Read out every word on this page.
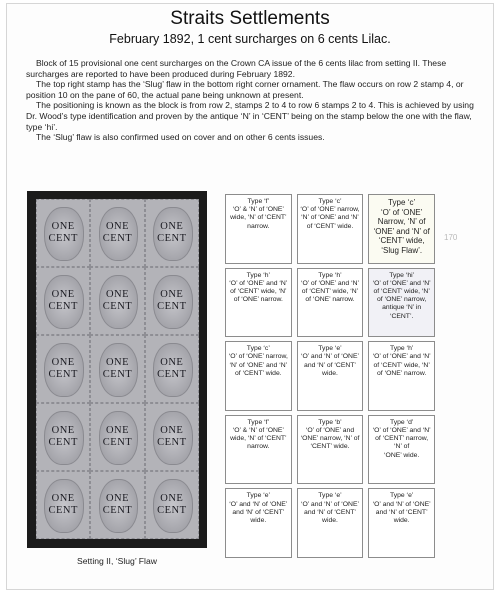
Straits Settlements
February 1892, 1 cent surcharges on 6 cents Lilac.

Block of 15 provisional one cent surcharges on the Crown CA issue of the 6 cents lilac from setting II. These surcharges are reported to have been produced during February 1892.

The top right stamp has the ‘Slug’ flaw in the bottom right corner ornament. The flaw occurs on row 2 stamp 4, or position 10 on the pane of 60, the actual pane being unknown at present.

The positioning is known as the block is from row 2, stamps 2 to 4 to row 6 stamps 2 to 4. This is achieved by using Dr. Wood’s type identification and proven by the antique ‘N’ in ‘CENT’ being on the stamp below the one with the flaw, type ‘hi’.

The ‘Slug’ flaw is also confirmed used on cover and on other 6 cents issues.

ONE
CENT
ONE
CENT
ONE
CENT
ONE
CENT
ONE
CENT
ONE
CENT
ONE
CENT
ONE
CENT
ONE
CENT
ONE
CENT
ONE
CENT
ONE
CENT
ONE
CENT
ONE
CENT
ONE
CENT
Setting II, ‘Slug’ Flaw
Type ‘f’
‘O’ & ‘N’ of ‘ONE’ wide, ‘N’ of ‘CENT’ narrow.
Type ‘c’
‘O’ of ‘ONE’ narrow, ‘N’ of ‘ONE’ and ‘N’ of ‘CENT’ wide.
Type ‘c’
‘O’ of ‘ONE’ Narrow, ‘N’ of ‘ONE’ and ‘N’ of ‘CENT’ wide, ‘Slug Flaw’.
Type ‘h’
‘O’ of ‘ONE’ and ‘N’ of ‘CENT’ wide, ‘N’ of ‘ONE’ narrow.
Type ‘h’
‘O’ of ‘ONE’ and ‘N’ of ‘CENT’ wide, ‘N’ of ‘ONE’ narrow.
Type ‘hi’
‘O’ of ‘ONE’ and ‘N’ of ‘CENT’ wide, ‘N’ of ‘ONE’ narrow, antique ‘N’ in ‘CENT’.
Type ‘c’
‘O’ of ‘ONE’ narrow, ‘N’ of ‘ONE’ and ‘N’ of ‘CENT’ wide.
Type ‘e’
‘O’ and ‘N’ of ‘ONE’ and ‘N’ of ‘CENT’ wide.
Type ‘h’
‘O’ of ‘ONE’ and ‘N’ of ‘CENT’ wide, ‘N’ of ‘ONE’ narrow.
Type ‘f’
‘O’ & ‘N’ of ‘ONE’ wide, ‘N’ of ‘CENT’ narrow.
Type ‘b’
‘O’ of ‘ONE’ and ‘ONE’ narrow, ‘N’ of ‘CENT’ wide.
Type ‘d’
‘O’ of ‘ONE’ and ‘N’ of ‘CENT’ narrow, ‘N’ of
‘ONE’ wide.
Type ‘e’
‘O’ and ‘N’ of ‘ONE’ and ‘N’ of ‘CENT’ wide.
Type ‘e’
‘O’ and ‘N’ of ‘ONE’ and ‘N’ of ‘CENT’ wide.
Type ‘e’
‘O’ and ‘N’ of ‘ONE’ and ‘N’ of ‘CENT’ wide.
170
